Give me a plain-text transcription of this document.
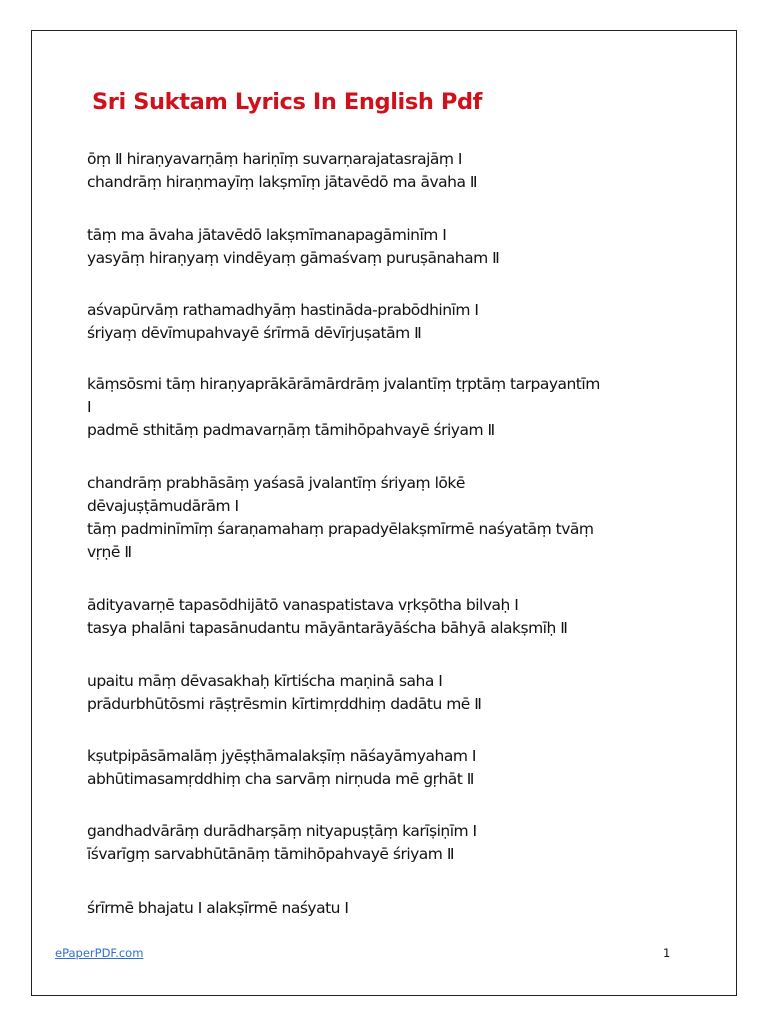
Sri Suktam Lyrics In English Pdf
ōṃ Ⅱ hiraṇyavarṇāṃ hariṇīṃ suvarṇarajatasrajāṃ Ⅰ
chandrāṃ hiraṇmayīṃ lakṣmīṃ jātavēdō ma āvaha Ⅱ
tāṃ ma āvaha jātavēdō lakṣmīmanapagāminīm Ⅰ
yasyāṃ hiraṇyaṃ vindēyaṃ gāmaśvaṃ puruṣānaham Ⅱ
aśvapūrvāṃ rathamadhyāṃ hastināda-prabōdhinīm Ⅰ
śriyaṃ dēvīmupahvayē śrīrmā dēvīrjuṣatām Ⅱ
kāṃsōsmi tāṃ hiraṇyaprākārāmārdrāṃ jvalantīṃ tṛptāṃ tarpayantīm
Ⅰ
padmē sthitāṃ padmavarṇāṃ tāmihōpahvayē śriyam Ⅱ
chandrāṃ prabhāsāṃ yaśasā jvalantīṃ śriyaṃ lōkē
dēvajuṣṭāmudārām Ⅰ
tāṃ padminīmīṃ śaraṇamahaṃ prapadyēlakṣmīrmē naśyatāṃ tvāṃ
vṛṇē Ⅱ
ādityavarṇē tapasōdhijātō vanaspatistava vṛkṣōtha bilvaḥ Ⅰ
tasya phalāni tapasānudantu māyāntarāyāścha bāhyā alakṣmīḥ Ⅱ
upaitu māṃ dēvasakhaḥ kīrtiścha maṇinā saha Ⅰ
prādurbhūtōsmi rāṣṭrēsmin kīrtimṛddhiṃ dadātu mē Ⅱ
kṣutpipāsāmalāṃ jyēṣṭhāmalakṣīṃ nāśayāmyaham Ⅰ
abhūtimasamṛddhiṃ cha sarvāṃ nirṇuda mē gṛhāt Ⅱ
gandhadvārāṃ durādharṣāṃ nityapuṣṭāṃ karīṣiṇīm Ⅰ
īśvarīgṃ sarvabhūtānāṃ tāmihōpahvayē śriyam Ⅱ
śrīrmē bhajatu Ⅰ alakṣīrmē naśyatu Ⅰ
ePaperPDF.com	1
